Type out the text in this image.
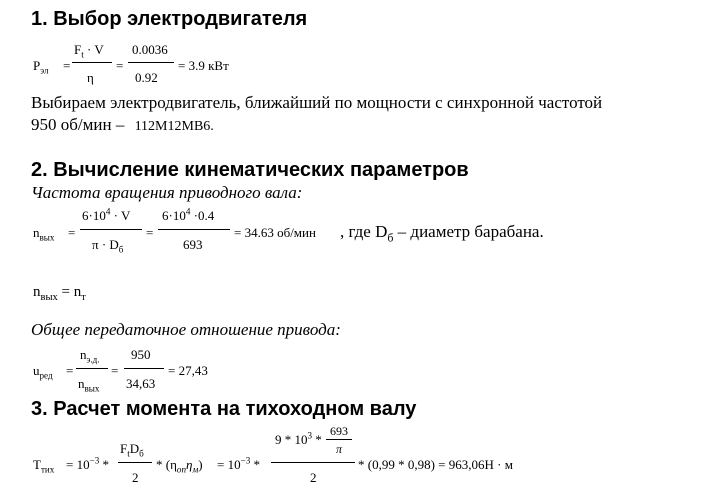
1. Выбор электродвигателя
$Р_{эл}$ =
$F_t \cdot V$
η
=
0.0036
0.92
= 3.9 кВт
Выбираем электродвигатель, ближайший по мощности с синхронной частотой
950 об/мин – 112M12MB6.
2. Вычисление кинематических параметров
Частота вращения приводного вала:
$n_{вых}$ =
$6\cdot 10^4 \cdot V$
$\pi \cdot D_б$
=
$6\cdot 10^4 \cdot 0.4$
693
= 34.63 об/мин , где $D_б$ – диаметр барабана.
$n_{вых} = n_т$
Общее передаточное отношение привода:
$u_{ред}$ =
$n_{э.д.}$
$n_{вых}$
=
950
34,63
= 27,43
3. Расчет момента на тихоходном валу
$T_{тих} = 10^{-3}$ *
$F_tD_б$
2
* $(\eta_{оп}\eta_м) = 10^{-3}$ *
$9 * 10^3$ *
693
π
2
* (0,99 * 0,98) = 963,06Н · м
